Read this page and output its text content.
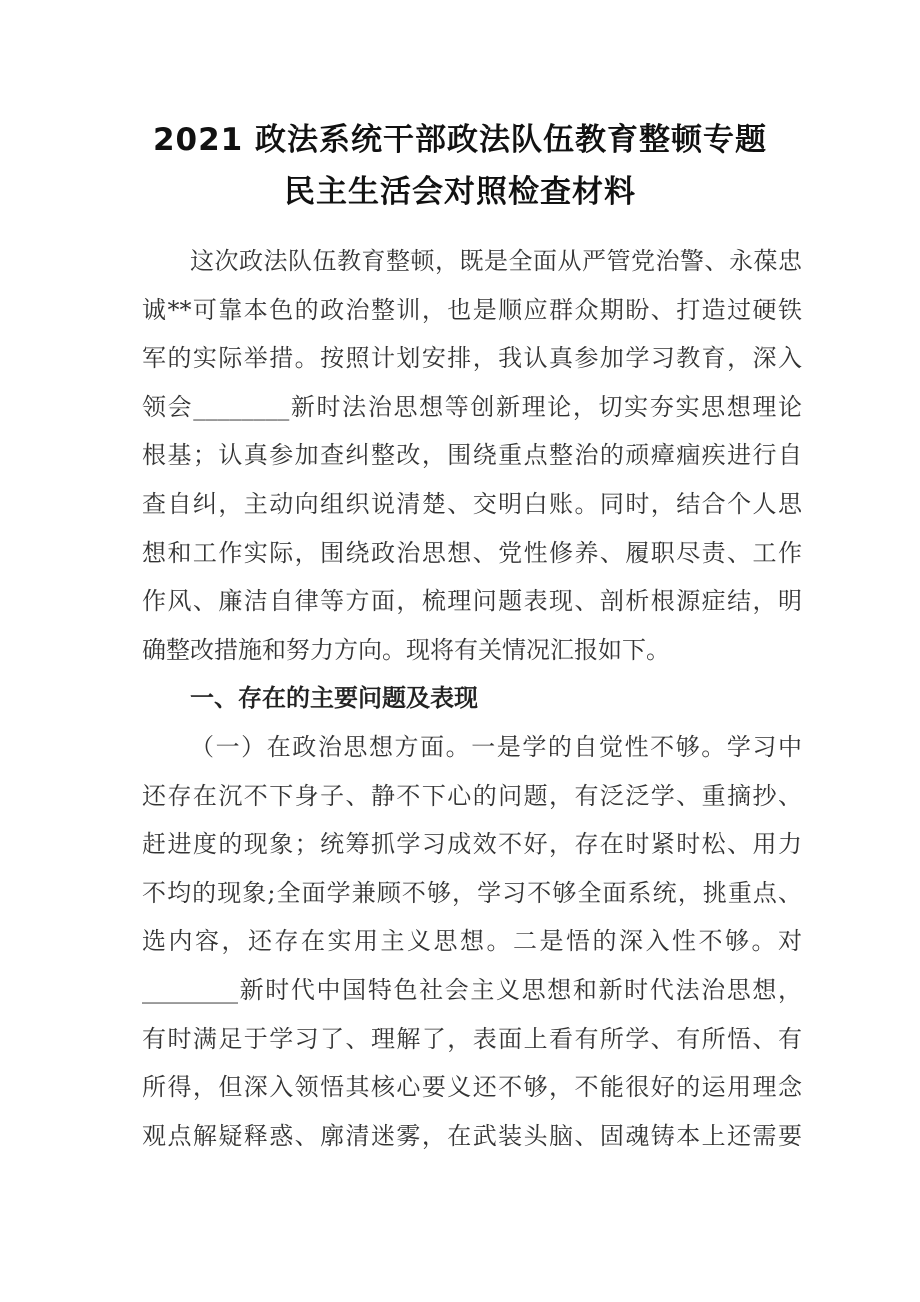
2021 政法系统干部政法队伍教育整顿专题
民主生活会对照检查材料
这次政法队伍教育整顿，既是全面从严管党治警、永葆忠
诚**可靠本色的政治整训，也是顺应群众期盼、打造过硬铁
军的实际举措。按照计划安排，我认真参加学习教育，深入
领会________新时法治思想等创新理论，切实夯实思想理论
根基；认真参加查纠整改，围绕重点整治的顽瘴痼疾进行自
查自纠，主动向组织说清楚、交明白账。同时，结合个人思
想和工作实际，围绕政治思想、党性修养、履职尽责、工作
作风、廉洁自律等方面，梳理问题表现、剖析根源症结，明
确整改措施和努力方向。现将有关情况汇报如下。
一、存在的主要问题及表现
（一）在政治思想方面。一是学的自觉性不够。学习中
还存在沉不下身子、静不下心的问题，有泛泛学、重摘抄、
赶进度的现象；统筹抓学习成效不好，存在时紧时松、用力
不均的现象;全面学兼顾不够，学习不够全面系统，挑重点、
选内容，还存在实用主义思想。二是悟的深入性不够。对
________新时代中国特色社会主义思想和新时代法治思想，
有时满足于学习了、理解了，表面上看有所学、有所悟、有
所得，但深入领悟其核心要义还不够，不能很好的运用理念
观点解疑释惑、廓清迷雾，在武装头脑、固魂铸本上还需要
